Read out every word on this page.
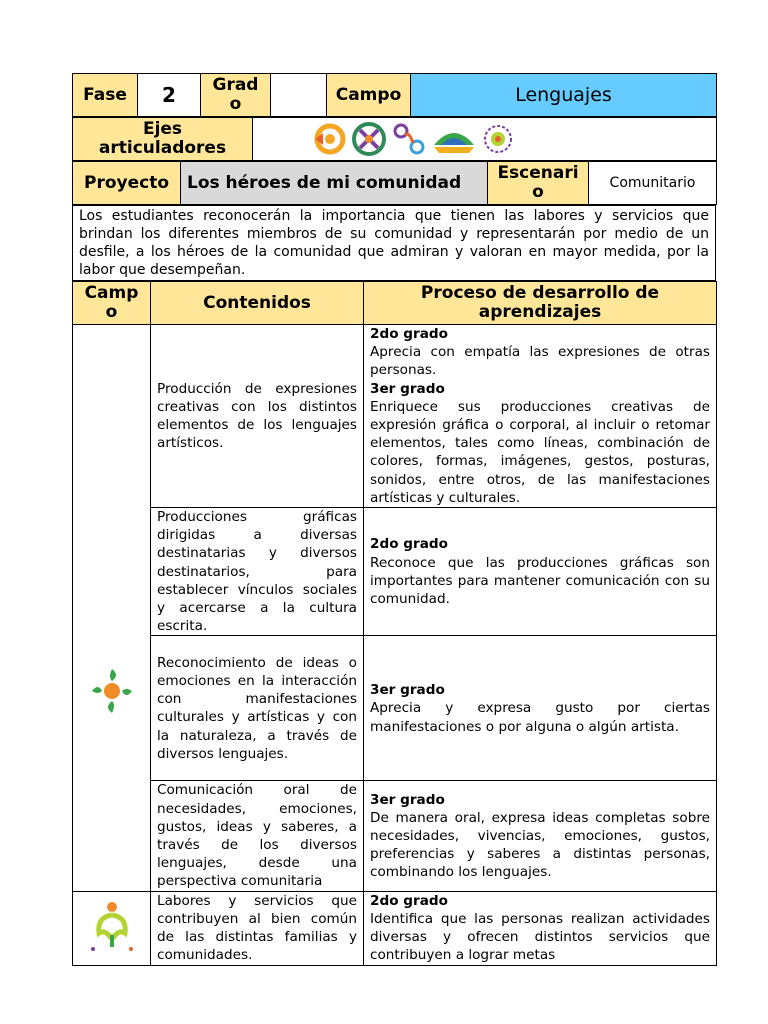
Fase	2	Grado		Campo	Lenguajes
Ejes articuladores	
Proyecto	Los héroes de mi comunidad	Escenario	Comunitario
Los estudiantes reconocerán la importancia que tienen las labores y servicios que brindan los diferentes miembros de su comunidad y representarán por medio de un desfile, a los héroes de la comunidad que admiran y valoran en mayor medida, por la labor que desempeñan.
Campo	Contenidos	Proceso de desarrollo de aprendizajes
	Producción de expresiones creativas con los distintos elementos de los lenguajes artísticos.	2do grado
Aprecia con empatía las expresiones de otras personas.
3er grado
Enriquece sus producciones creativas de expresión gráfica o corporal, al incluir o retomar elementos, tales como líneas, combinación de colores, formas, imágenes, gestos, posturas, sonidos, entre otros, de las manifestaciones artísticas y culturales.
	Producciones gráficas dirigidas a diversas destinatarias y diversos destinatarios, para establecer vínculos sociales y acercarse a la cultura escrita.	2do grado
Reconoce que las producciones gráficas son importantes para mantener comunicación con su comunidad.
	Reconocimiento de ideas o emociones en la interacción con manifestaciones culturales y artísticas y con la naturaleza, a través de diversos lenguajes.	3er grado
Aprecia y expresa gusto por ciertas manifestaciones o por alguna o algún artista.
	Comunicación oral de necesidades, emociones, gustos, ideas y saberes, a través de los diversos lenguajes, desde una perspectiva comunitaria	3er grado
De manera oral, expresa ideas completas sobre necesidades, vivencias, emociones, gustos, preferencias y saberes a distintas personas, combinando los lenguajes.
	Labores y servicios que contribuyen al bien común de las distintas familias y comunidades.	2do grado
Identifica que las personas realizan actividades diversas y ofrecen distintos servicios que contribuyen a lograr metas
